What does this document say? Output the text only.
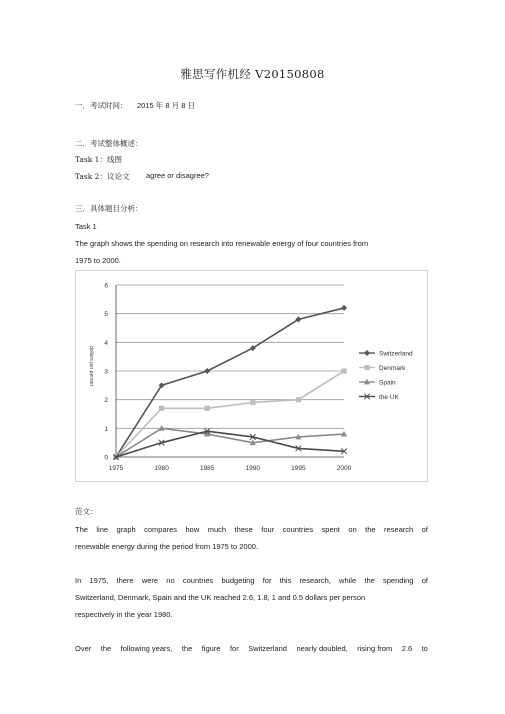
雅思写作机经 V20150808
一．考试时间： 2015 年 8 月 8 日
二．考试整体概述：
Task 1：线图
Task 2：议论文 agree or disagree?
三．具体题目分析：
Task 1
The graph shows the spending on research into renewable energy of four countries from
1975 to 2000.
0
1
2
3
4
5
6
1975	1980	1985	1990	1995	2000
dollars per person	Switzerland
Denmark
Spain
the UK
范文：
The line graph compares how much these four countries spent on the research of
renewable energy during the period from 1975 to 2000.
In 1975, there were no countries budgeting for this research, while the spending of
Switzerland, Denmark, Spain and the UK reached 2.6, 1.8, 1 and 0.5 dollars per person
respectively in the year 1980.
Over the following years, the figure for Switzerland nearly doubled, rising from 2.6 to
